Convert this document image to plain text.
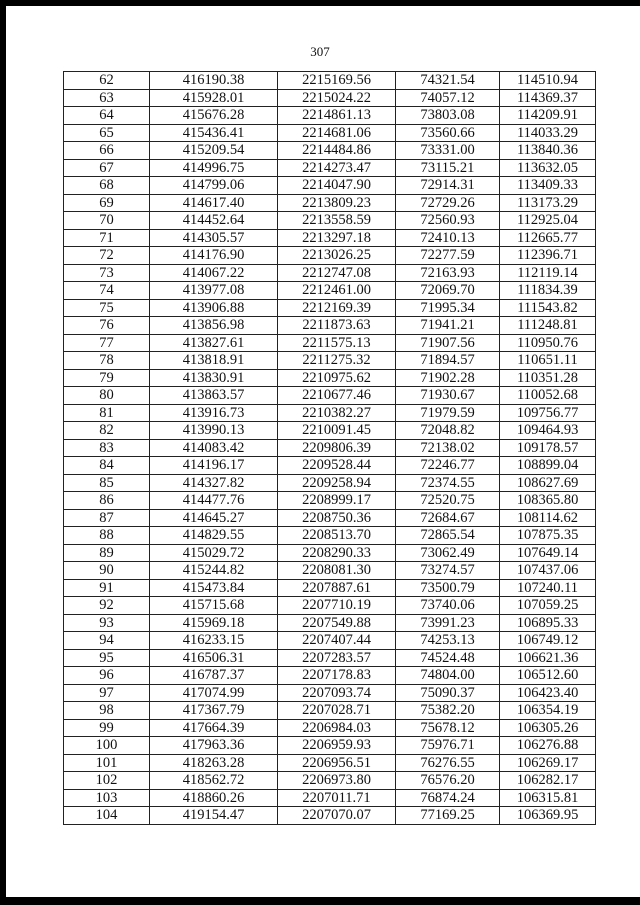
307
62	416190.38	2215169.56	74321.54	114510.94
63	415928.01	2215024.22	74057.12	114369.37
64	415676.28	2214861.13	73803.08	114209.91
65	415436.41	2214681.06	73560.66	114033.29
66	415209.54	2214484.86	73331.00	113840.36
67	414996.75	2214273.47	73115.21	113632.05
68	414799.06	2214047.90	72914.31	113409.33
69	414617.40	2213809.23	72729.26	113173.29
70	414452.64	2213558.59	72560.93	112925.04
71	414305.57	2213297.18	72410.13	112665.77
72	414176.90	2213026.25	72277.59	112396.71
73	414067.22	2212747.08	72163.93	112119.14
74	413977.08	2212461.00	72069.70	111834.39
75	413906.88	2212169.39	71995.34	111543.82
76	413856.98	2211873.63	71941.21	111248.81
77	413827.61	2211575.13	71907.56	110950.76
78	413818.91	2211275.32	71894.57	110651.11
79	413830.91	2210975.62	71902.28	110351.28
80	413863.57	2210677.46	71930.67	110052.68
81	413916.73	2210382.27	71979.59	109756.77
82	413990.13	2210091.45	72048.82	109464.93
83	414083.42	2209806.39	72138.02	109178.57
84	414196.17	2209528.44	72246.77	108899.04
85	414327.82	2209258.94	72374.55	108627.69
86	414477.76	2208999.17	72520.75	108365.80
87	414645.27	2208750.36	72684.67	108114.62
88	414829.55	2208513.70	72865.54	107875.35
89	415029.72	2208290.33	73062.49	107649.14
90	415244.82	2208081.30	73274.57	107437.06
91	415473.84	2207887.61	73500.79	107240.11
92	415715.68	2207710.19	73740.06	107059.25
93	415969.18	2207549.88	73991.23	106895.33
94	416233.15	2207407.44	74253.13	106749.12
95	416506.31	2207283.57	74524.48	106621.36
96	416787.37	2207178.83	74804.00	106512.60
97	417074.99	2207093.74	75090.37	106423.40
98	417367.79	2207028.71	75382.20	106354.19
99	417664.39	2206984.03	75678.12	106305.26
100	417963.36	2206959.93	75976.71	106276.88
101	418263.28	2206956.51	76276.55	106269.17
102	418562.72	2206973.80	76576.20	106282.17
103	418860.26	2207011.71	76874.24	106315.81
104	419154.47	2207070.07	77169.25	106369.95
